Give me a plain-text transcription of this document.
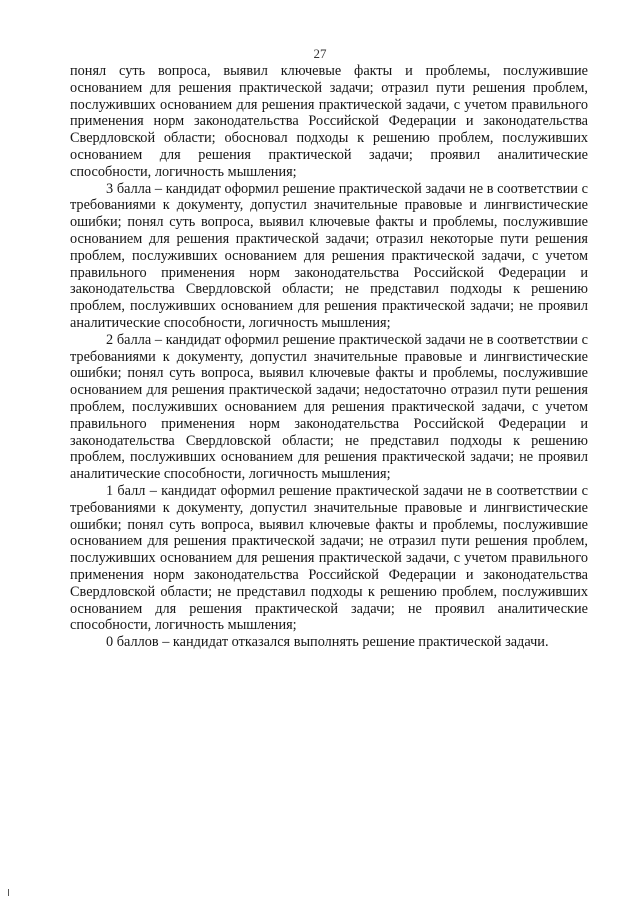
27

понял суть вопроса, выявил ключевые факты и проблемы, послужившие основанием для решения практической задачи; отразил пути решения проблем, послуживших основанием для решения практической задачи, с учетом правильного применения норм законодательства Российской Федерации и законодательства Свердловской области; обосновал подходы к решению проблем, послуживших основанием для решения практической задачи; проявил аналитические способности, логичность мышления;

3 балла – кандидат оформил решение практической задачи не в соответствии с требованиями к документу, допустил значительные правовые и лингвистические ошибки; понял суть вопроса, выявил ключевые факты и проблемы, послужившие основанием для решения практической задачи; отразил некоторые пути решения проблем, послуживших основанием для решения практической задачи, с учетом правильного применения норм законодательства Российской Федерации и законодательства Свердловской области; не представил подходы к решению проблем, послуживших основанием для решения практической задачи; не проявил аналитические способности, логичность мышления;

2 балла – кандидат оформил решение практической задачи не в соответствии с требованиями к документу, допустил значительные правовые и лингвистические ошибки; понял суть вопроса, выявил ключевые факты и проблемы, послужившие основанием для решения практической задачи; недостаточно отразил пути решения проблем, послуживших основанием для решения практической задачи, с учетом правильного применения норм законодательства Российской Федерации и законодательства Свердловской области; не представил подходы к решению проблем, послуживших основанием для решения практической задачи; не проявил аналитические способности, логичность мышления;

1 балл – кандидат оформил решение практической задачи не в соответствии с требованиями к документу, допустил значительные правовые и лингвистические ошибки; понял суть вопроса, выявил ключевые факты и проблемы, послужившие основанием для решения практической задачи; не отразил пути решения проблем, послуживших основанием для решения практической задачи, с учетом правильного применения норм законодательства Российской Федерации и законодательства Свердловской области; не представил подходы к решению проблем, послуживших основанием для решения практической задачи; не проявил аналитические способности, логичность мышления;

0 баллов – кандидат отказался выполнять решение практической задачи.
